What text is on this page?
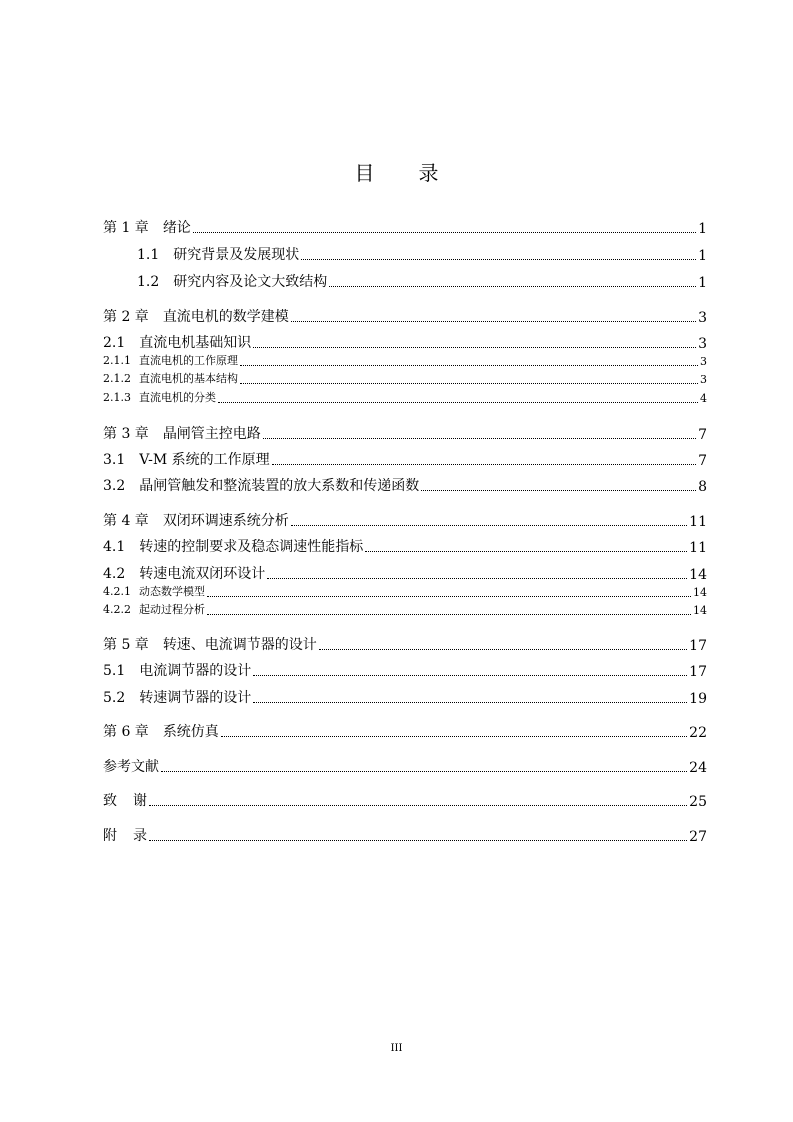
目 录
第 1 章 绪论	1
1.1 研究背景及发展现状	1
1.2 研究内容及论文大致结构	1
第 2 章 直流电机的数学建模	3
2.1 直流电机基础知识	3
2.1.1 直流电机的工作原理	3
2.1.2 直流电机的基本结构	3
2.1.3 直流电机的分类	4
第 3 章 晶闸管主控电路	7
3.1 V-M 系统的工作原理	7
3.2 晶闸管触发和整流装置的放大系数和传递函数	8
第 4 章 双闭环调速系统分析	11
4.1 转速的控制要求及稳态调速性能指标	11
4.2 转速电流双闭环设计	14
4.2.1 动态数学模型	14
4.2.2 起动过程分析	14
第 5 章 转速、电流调节器的设计	17
5.1 电流调节器的设计	17
5.2 转速调节器的设计	19
第 6 章 系统仿真	22
参考文献	24
致 谢	25
附 录	27
III
